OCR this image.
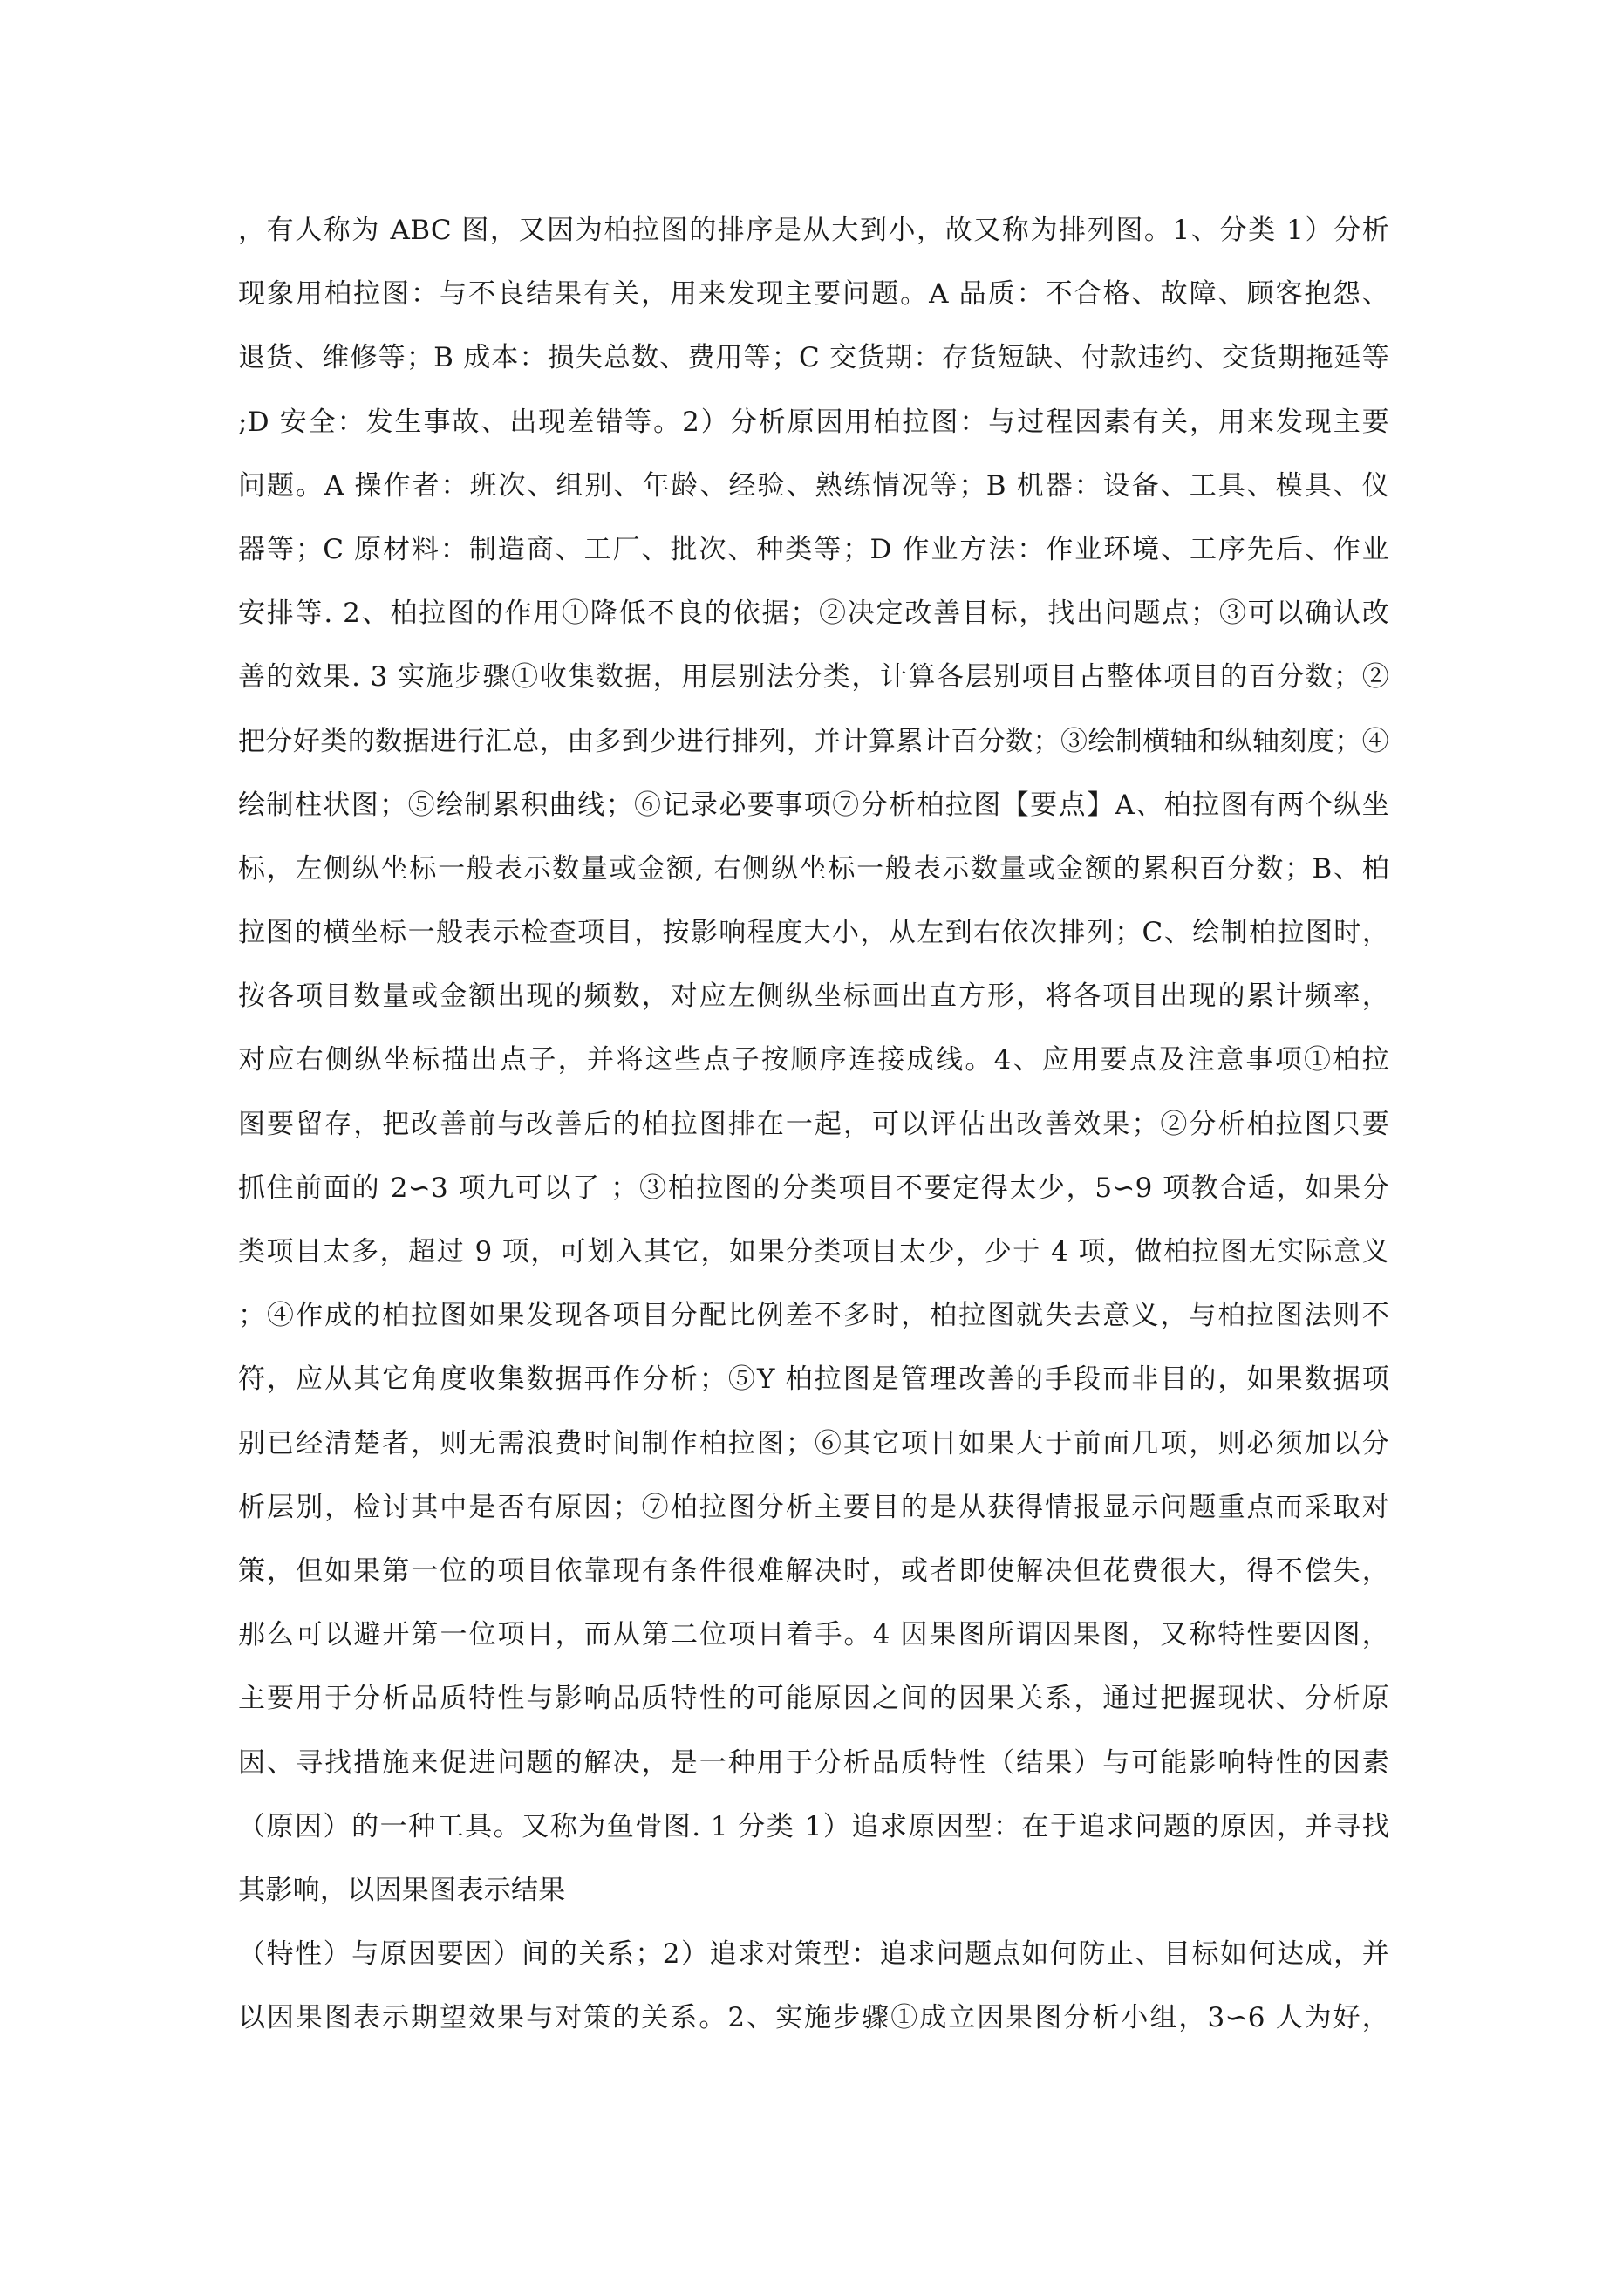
，有人称为 ABC 图，又因为柏拉图的排序是从大到小，故又称为排列图。1、分类 1）分析
现象用柏拉图：与不良结果有关，用来发现主要问题。A 品质：不合格、故障、顾客抱怨、
退货、维修等；B 成本：损失总数、费用等；C 交货期：存货短缺、付款违约、交货期拖延等
;D 安全：发生事故、出现差错等。2）分析原因用柏拉图：与过程因素有关，用来发现主要
问题。A 操作者：班次、组别、年龄、经验、熟练情况等；B 机器：设备、工具、模具、仪
器等；C 原材料：制造商、工厂、批次、种类等；D 作业方法：作业环境、工序先后、作业
安排等. 2、柏拉图的作用①降低不良的依据；②决定改善目标，找出问题点；③可以确认改
善的效果. 3 实施步骤①收集数据，用层别法分类，计算各层别项目占整体项目的百分数；②
把分好类的数据进行汇总，由多到少进行排列，并计算累计百分数；③绘制横轴和纵轴刻度；④
绘制柱状图；⑤绘制累积曲线；⑥记录必要事项⑦分析柏拉图【要点】A、柏拉图有两个纵坐
标，左侧纵坐标一般表示数量或金额, 右侧纵坐标一般表示数量或金额的累积百分数；B、柏
拉图的横坐标一般表示检查项目，按影响程度大小，从左到右依次排列；C、绘制柏拉图时，
按各项目数量或金额出现的频数，对应左侧纵坐标画出直方形，将各项目出现的累计频率，
对应右侧纵坐标描出点子，并将这些点子按顺序连接成线。4、应用要点及注意事项①柏拉
图要留存，把改善前与改善后的柏拉图排在一起，可以评估出改善效果；②分析柏拉图只要
抓住前面的 2∽3 项九可以了 ；③柏拉图的分类项目不要定得太少，5∽9 项教合适，如果分
类项目太多，超过 9 项，可划入其它，如果分类项目太少，少于 4 项，做柏拉图无实际意义
；④作成的柏拉图如果发现各项目分配比例差不多时，柏拉图就失去意义，与柏拉图法则不
符，应从其它角度收集数据再作分析；⑤Y 柏拉图是管理改善的手段而非目的，如果数据项
别已经清楚者，则无需浪费时间制作柏拉图；⑥其它项目如果大于前面几项，则必须加以分
析层别，检讨其中是否有原因；⑦柏拉图分析主要目的是从获得情报显示问题重点而采取对
策，但如果第一位的项目依靠现有条件很难解决时，或者即使解决但花费很大，得不偿失，
那么可以避开第一位项目，而从第二位项目着手。4 因果图所谓因果图，又称特性要因图，
主要用于分析品质特性与影响品质特性的可能原因之间的因果关系，通过把握现状、分析原
因、寻找措施来促进问题的解决，是一种用于分析品质特性（结果）与可能影响特性的因素
（原因）的一种工具。又称为鱼骨图. 1 分类 1）追求原因型：在于追求问题的原因，并寻找
其影响，以因果图表示结果
（特性）与原因要因）间的关系；2）追求对策型：追求问题点如何防止、目标如何达成，并
以因果图表示期望效果与对策的关系。2、实施步骤①成立因果图分析小组，3∽6 人为好，
